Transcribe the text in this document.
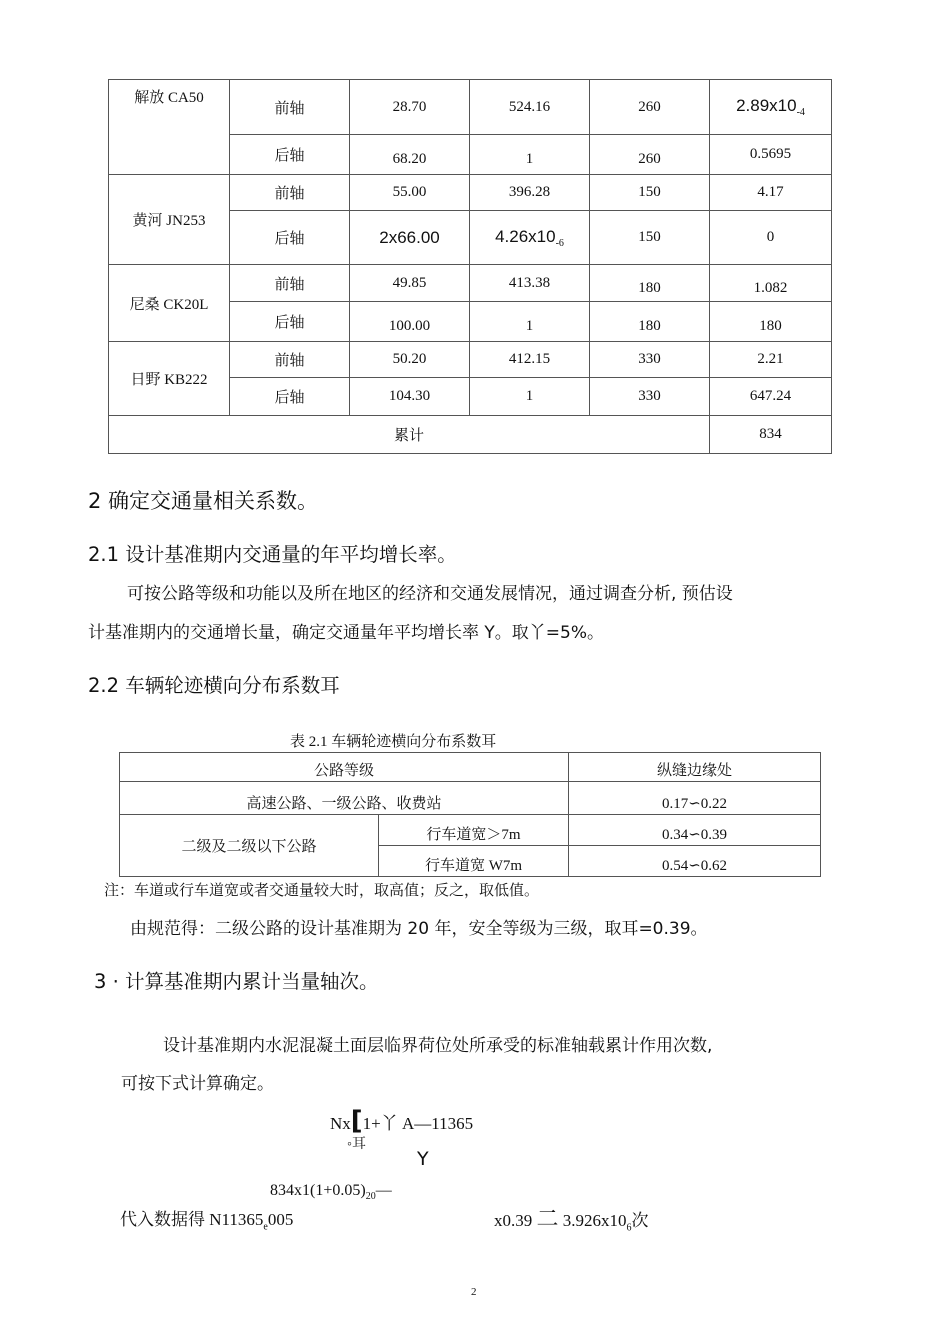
解放 CA50	前轴	28.70	524.16	260	$2.89x10_{-4}$
	后轴	68.20	1	260	0.5695
黄河 JN253	前轴	55.00	396.28	150	4.17
	后轴	2x66.00	$4.26x10_{-6}$	150	0
尼桑 CK20L	前轴	49.85	413.38	180	1.082
	后轴	100.00	1	180	180
日野 KB222	前轴	50.20	412.15	330	2.21
	后轴	104.30	1	330	647.24
累计					834
2 确定交通量相关系数。
2.1 设计基准期内交通量的年平均增长率。
可按公路等级和功能以及所在地区的经济和交通发展情况，通过调查分析, 预估设
计基准期内的交通增长量，确定交通量年平均增长率 Y。取丫=5%。
2.2 车辆轮迹横向分布系数耳
表 2.1 车辆轮迹横向分布系数耳
公路等级		纵缝边缘处
高速公路、一级公路、收费站		0.17∽0.22
二级及二级以下公路	行车道宽＞7m	0.34∽0.39
	行车道宽 W7m	0.54∽0.62
注：车道或行车道宽或者交通量较大时，取高值；反之，取低值。
由规范得：二级公路的设计基准期为 20 年，安全等级为三级，取耳=0.39。
3 · 计算基准期内累计当量轴次。
设计基准期内水泥混凝土面层临界荷位处所承受的标准轴载累计作用次数,
可按下式计算确定。
Nx[1+丫 A—11365
◦耳
Y
$834x1(1+0.05)_{20}—$
代入数据得 $N11365_e005$	x0.39 二 $3.926x10_6$次
2
